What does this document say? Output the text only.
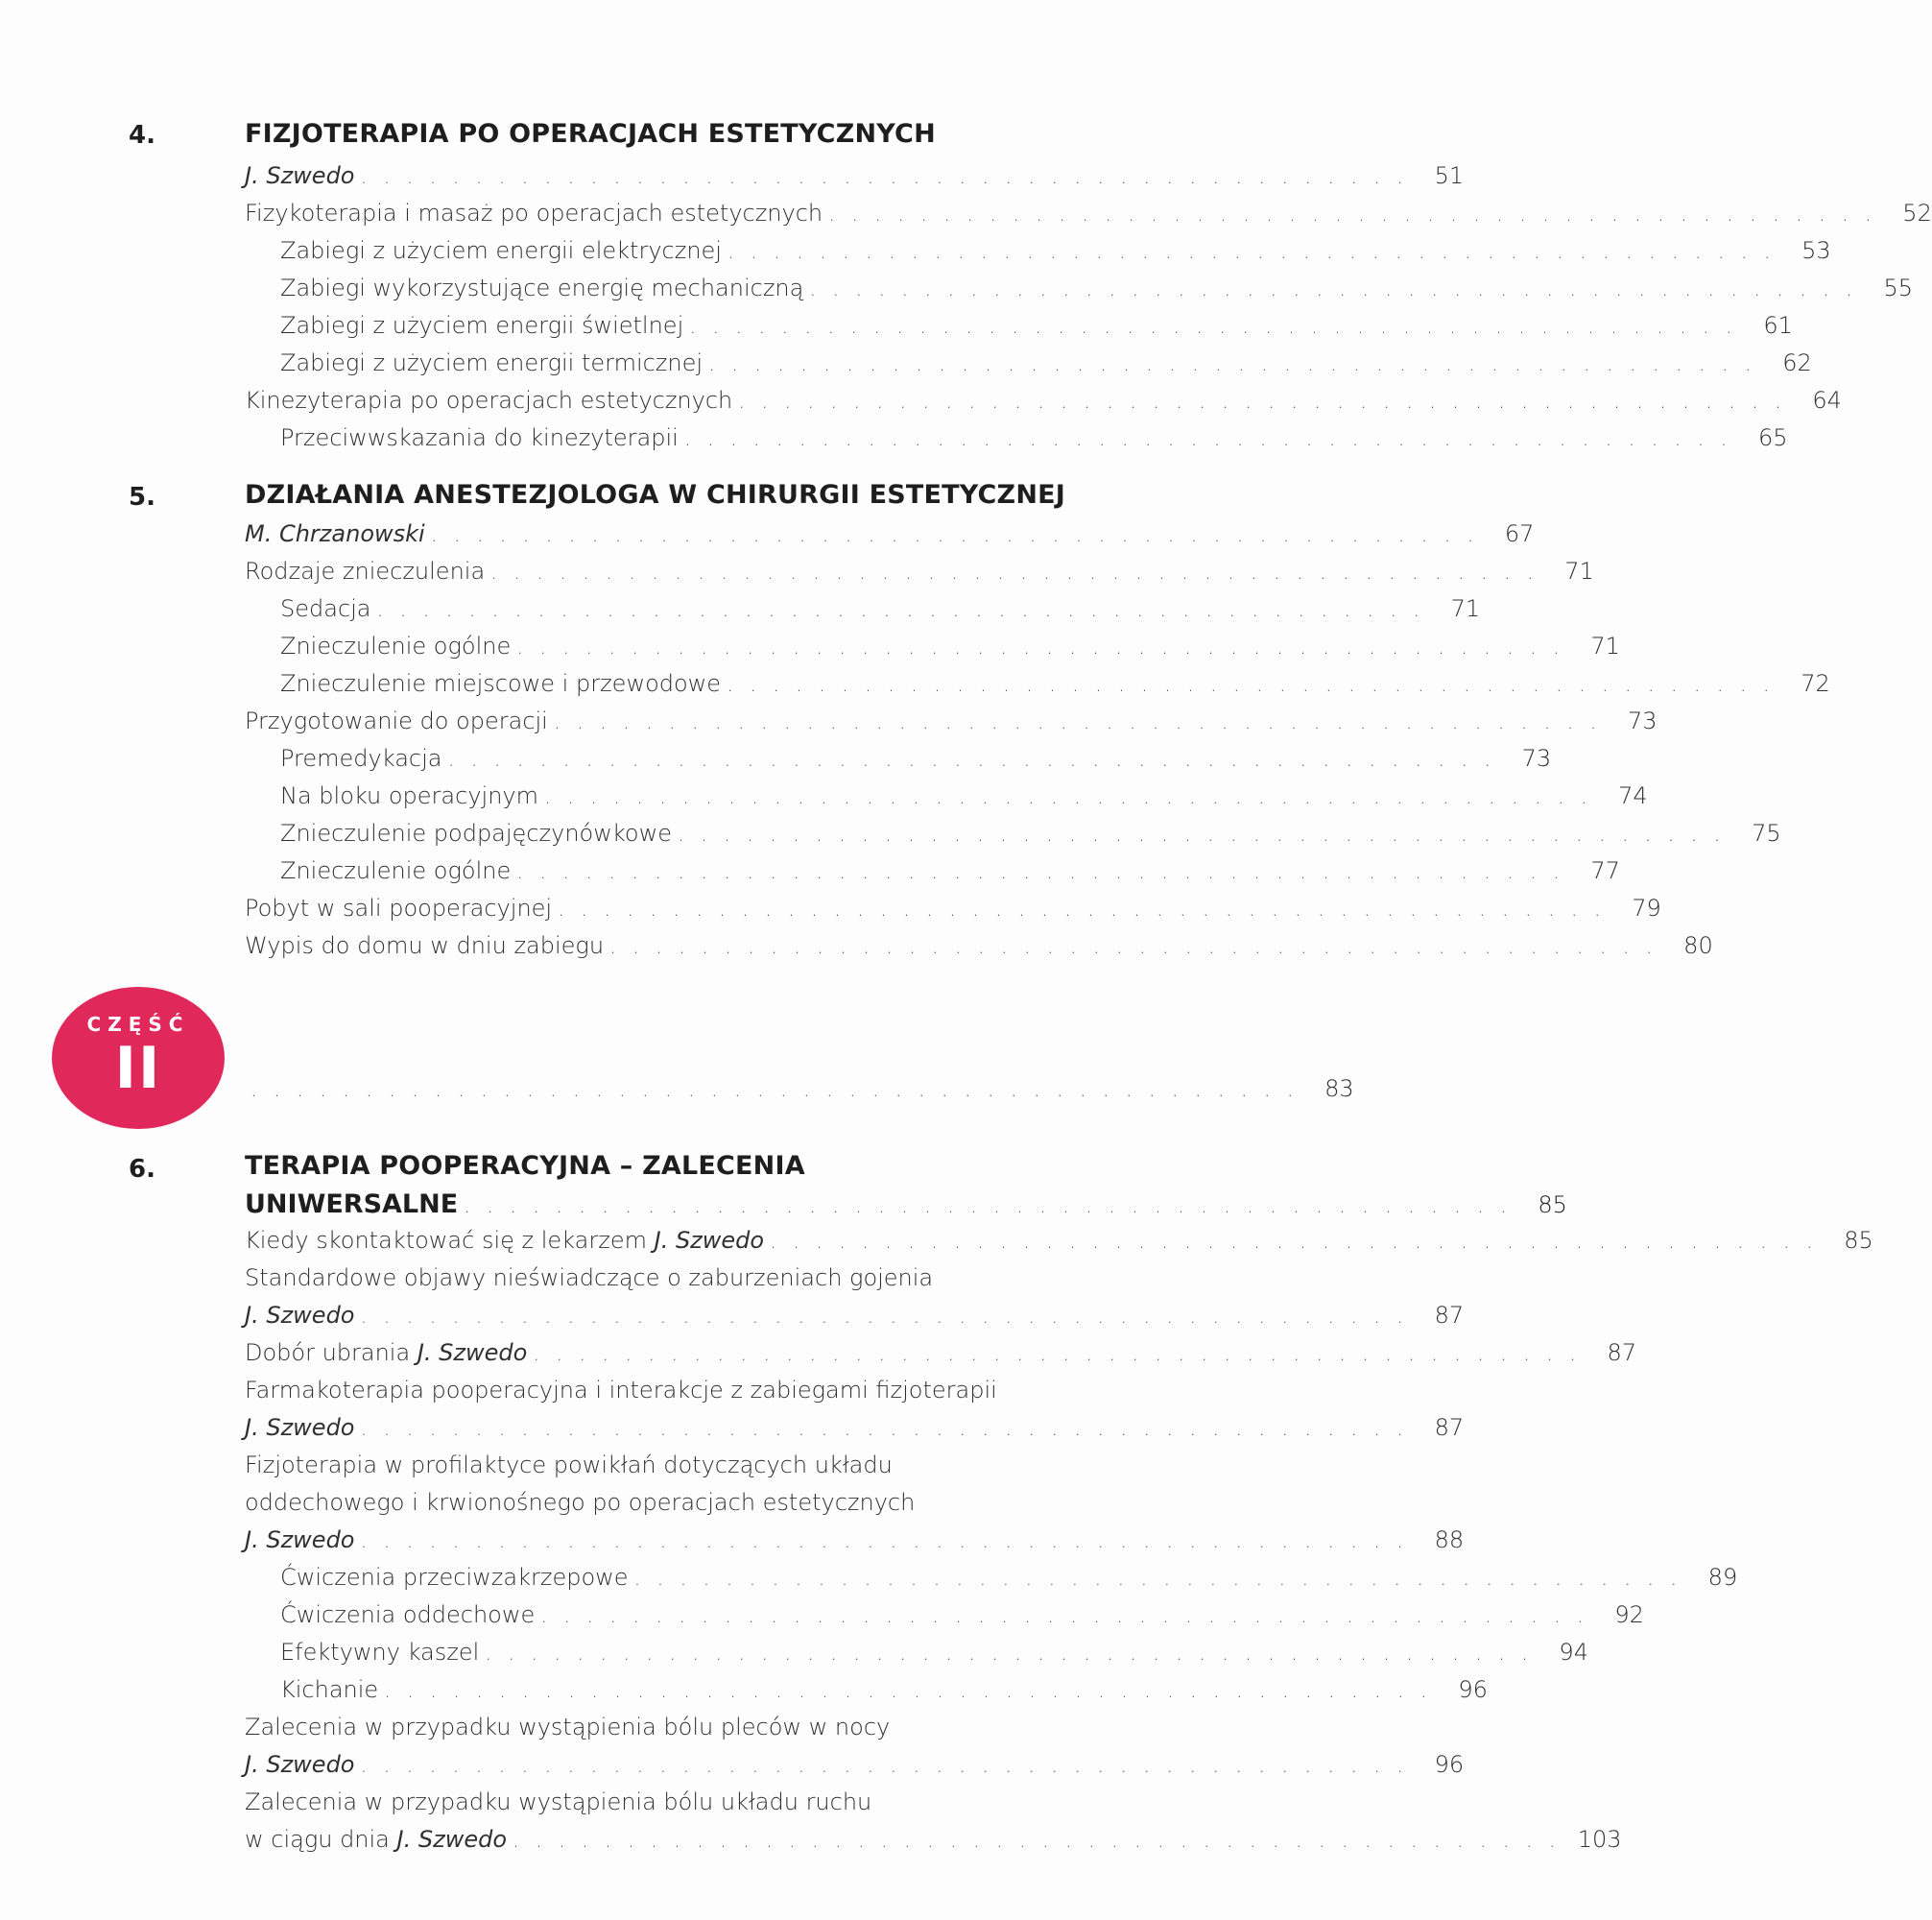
4.	FIZJOTERAPIA PO OPERACJACH ESTETYCZNYCH
J. Szwedo .............................................. 51
Fizykoterapia i masaż po operacjach estetycznych .............................................. 52
Zabiegi z użyciem energii elektrycznej .............................................. 53
Zabiegi wykorzystujące energię mechaniczną .............................................. 55
Zabiegi z użyciem energii świetlnej .............................................. 61
Zabiegi z użyciem energii termicznej .............................................. 62
Kinezyterapia po operacjach estetycznych .............................................. 64
Przeciwwskazania do kinezyterapii .............................................. 65
5.	DZIAŁANIA ANESTEZJOLOGA W CHIRURGII ESTETYCZNEJ
M. Chrzanowski .............................................. 67
Rodzaje znieczulenia .............................................. 71
Sedacja .............................................. 71
Znieczulenie ogólne .............................................. 71
Znieczulenie miejscowe i przewodowe .............................................. 72
Przygotowanie do operacji .............................................. 73
Premedykacja .............................................. 73
Na bloku operacyjnym .............................................. 74
Znieczulenie podpajęczynówkowe .............................................. 75
Znieczulenie ogólne .............................................. 77
Pobyt w sali pooperacyjnej .............................................. 79
Wypis do domu w dniu zabiegu .............................................. 80
CZĘŚĆ
II	.............................................. 83
6.	TERAPIA POOPERACYJNA – ZALECENIA
UNIWERSALNE .............................................. 85
Kiedy skontaktować się z lekarzem J. Szwedo .............................................. 85
Standardowe objawy nieświadczące o zaburzeniach gojenia
J. Szwedo .............................................. 87
Dobór ubrania J. Szwedo .............................................. 87
Farmakoterapia pooperacyjna i interakcje z zabiegami fizjoterapii
J. Szwedo .............................................. 87
Fizjoterapia w profilaktyce powikłań dotyczących układu
oddechowego i krwionośnego po operacjach estetycznych
J. Szwedo .............................................. 88
Ćwiczenia przeciwzakrzepowe .............................................. 89
Ćwiczenia oddechowe .............................................. 92
Efektywny kaszel .............................................. 94
Kichanie .............................................. 96
Zalecenia w przypadku wystąpienia bólu pleców w nocy
J. Szwedo .............................................. 96
Zalecenia w przypadku wystąpienia bólu układu ruchu
w ciągu dnia J. Szwedo .............................................. 103
